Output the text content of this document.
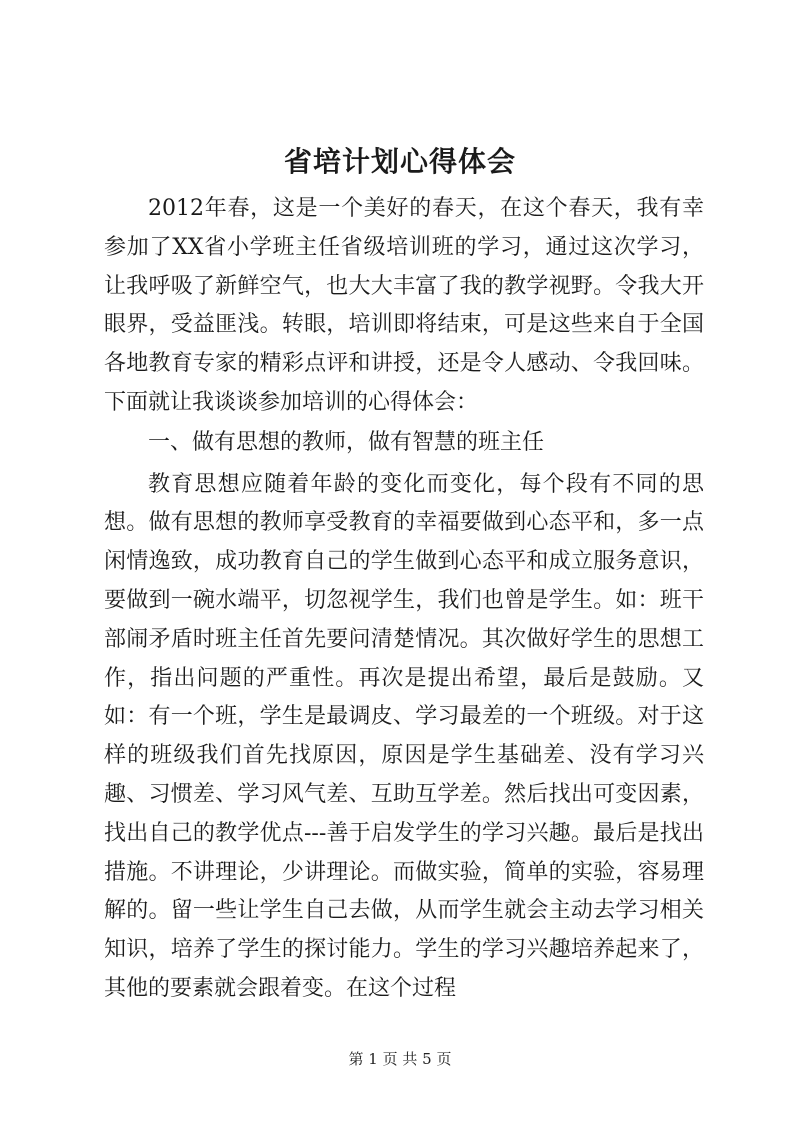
省培计划心得体会

2012年春，这是一个美好的春天，在这个春天，我有幸参加了XX省小学班主任省级培训班的学习，通过这次学习，让我呼吸了新鲜空气，也大大丰富了我的教学视野。令我大开眼界，受益匪浅。转眼，培训即将结束，可是这些来自于全国各地教育专家的精彩点评和讲授，还是令人感动、令我回味。下面就让我谈谈参加培训的心得体会：

一、做有思想的教师，做有智慧的班主任

教育思想应随着年龄的变化而变化，每个段有不同的思想。做有思想的教师享受教育的幸福要做到心态平和，多一点闲情逸致，成功教育自己的学生做到心态平和成立服务意识，要做到一碗水端平，切忽视学生，我们也曾是学生。如：班干部闹矛盾时班主任首先要问清楚情况。其次做好学生的思想工作，指出问题的严重性。再次是提出希望，最后是鼓励。又如：有一个班，学生是最调皮、学习最差的一个班级。对于这样的班级我们首先找原因，原因是学生基础差、没有学习兴趣、习惯差、学习风气差、互助互学差。然后找出可变因素，找出自己的教学优点---善于启发学生的学习兴趣。最后是找出措施。不讲理论，少讲理论。而做实验，简单的实验，容易理解的。留一些让学生自己去做，从而学生就会主动去学习相关知识，培养了学生的探讨能力。学生的学习兴趣培养起来了，其他的要素就会跟着变。在这个过程

第 1 页 共 5 页
